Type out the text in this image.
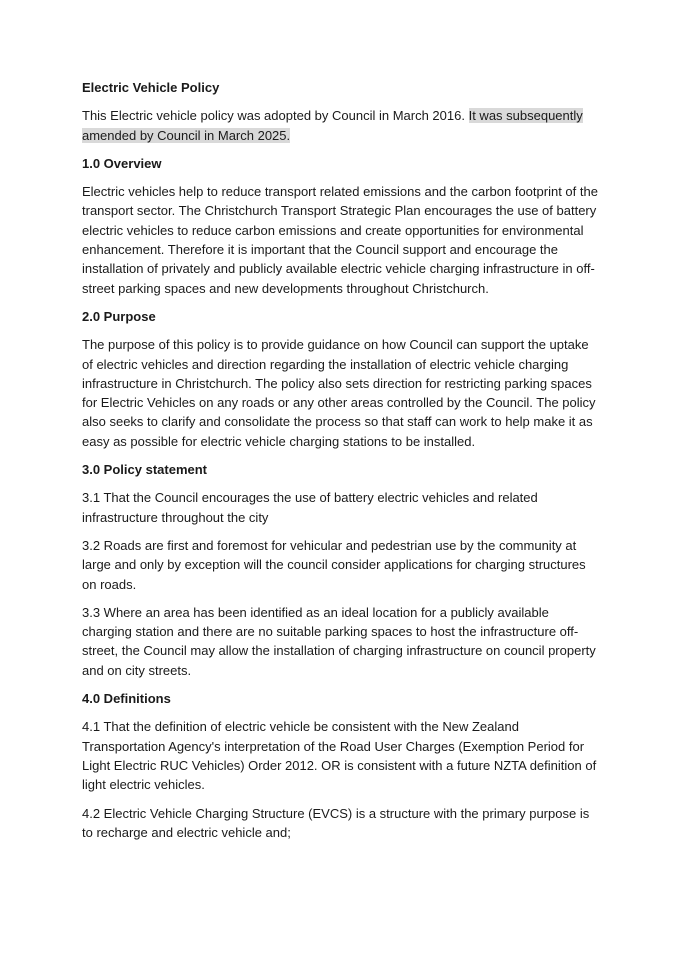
Electric Vehicle Policy

This Electric vehicle policy was adopted by Council in March 2016. It was subsequently amended by Council in March 2025.

1.0 Overview

Electric vehicles help to reduce transport related emissions and the carbon footprint of the transport sector. The Christchurch Transport Strategic Plan encourages the use of battery electric vehicles to reduce carbon emissions and create opportunities for environmental enhancement. Therefore it is important that the Council support and encourage the installation of privately and publicly available electric vehicle charging infrastructure in off-street parking spaces and new developments throughout Christchurch.

2.0 Purpose

The purpose of this policy is to provide guidance on how Council can support the uptake of electric vehicles and direction regarding the installation of electric vehicle charging infrastructure in Christchurch. The policy also sets direction for restricting parking spaces for Electric Vehicles on any roads or any other areas controlled by the Council. The policy also seeks to clarify and consolidate the process so that staff can work to help make it as easy as possible for electric vehicle charging stations to be installed.

3.0 Policy statement

3.1 That the Council encourages the use of battery electric vehicles and related infrastructure throughout the city

3.2 Roads are first and foremost for vehicular and pedestrian use by the community at large and only by exception will the council consider applications for charging structures on roads.

3.3 Where an area has been identified as an ideal location for a publicly available charging station and there are no suitable parking spaces to host the infrastructure off-street, the Council may allow the installation of charging infrastructure on council property and on city streets.

4.0 Definitions

4.1 That the definition of electric vehicle be consistent with the New Zealand Transportation Agency's interpretation of the Road User Charges (Exemption Period for Light Electric RUC Vehicles) Order 2012. OR is consistent with a future NZTA definition of light electric vehicles.

4.2 Electric Vehicle Charging Structure (EVCS) is a structure with the primary purpose is to recharge and electric vehicle and;
